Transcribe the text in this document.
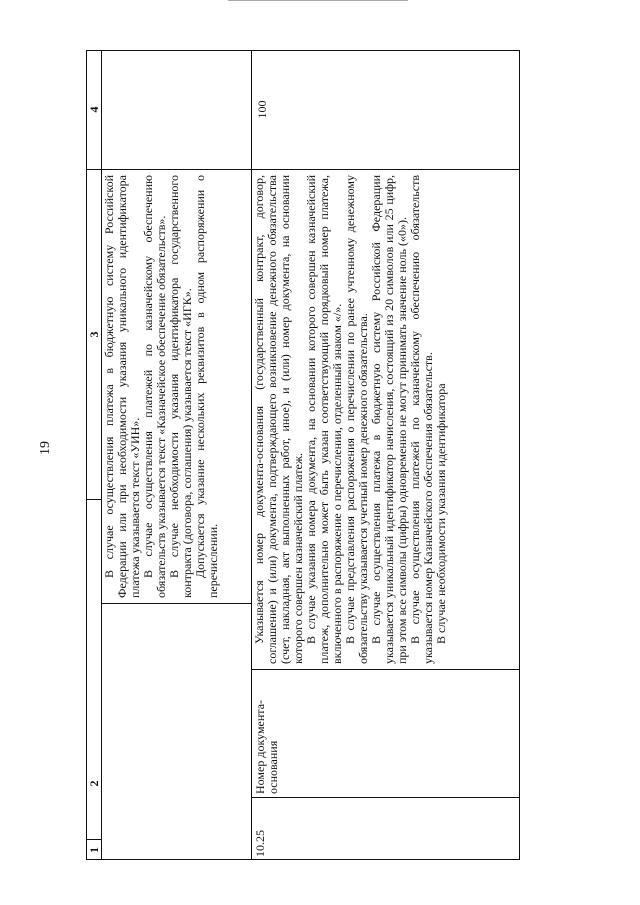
19
1
2
3
4

В случае осуществления платежа в бюджетную систему Российской Федерации или при необходимости указания уникального идентификатора платежа указывается текст «УИН». В случае осуществления платежей по казначейскому обеспечению обязательств указывается текст «Казначейское обеспечение обязательств». В случае необходимости указания идентификатора государственного контракта (договора, соглашения) указывается текст «ИГК». Допускается указание нескольких реквизитов в одном распоряжении о перечислении.

10.25
Номер документа-основания

Указывается номер документа-основания (государственный контракт, договор, соглашение) и (или) документа, подтверждающего возникновение денежного обязательства (счет, накладная, акт выполненных работ, иное), и (или) номер документа, на основании которого совершен казначейский платеж. В случае указания номера документа, на основании которого совершен казначейский платеж, дополнительно может быть указан соответствующий порядковый номер платежа, включенного в распоряжение о перечислении, отделенный знаком «/». В случае представления распоряжения о перечислении по ранее учтенному денежному обязательству указывается учетный номер денежного обязательства. В случае осуществления платежа в бюджетную систему Российской Федерации указывается уникальный идентификатор начисления, состоящий из 20 символов или 25 цифр, при этом все символы (цифры) одновременно не могут принимать значение ноль («0»). В случае осуществления платежей по казначейскому обеспечению обязательств указывается номер Казначейского обеспечения обязательств. В случае необходимости указания идентификатора

100
